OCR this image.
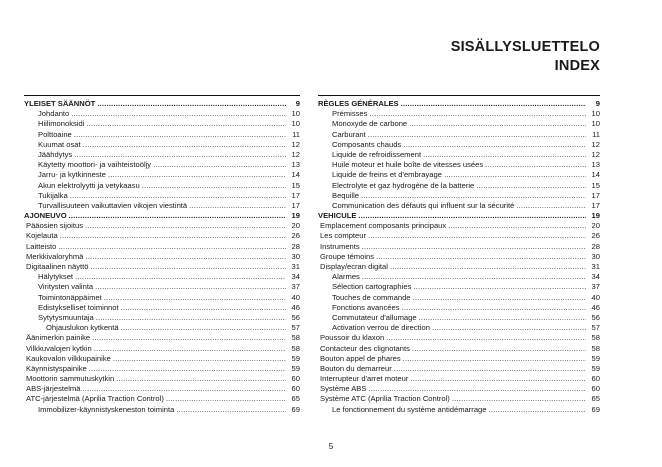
SISÄLLYSLUETTELO
INDEX
YLEISET SÄÄNNÖT .....	9
Johdanto .....	10
Hiilimonoksidi .....	10
Polttoaine .....	11
Kuumat osat .....	12
Jäähdytys .....	12
Käytetty moottori- ja vaihteistoöljy .....	13
Jarru- ja kytkinneste .....	14
Akun elektrolyytti ja vetykaasu .....	15
Tukijalka .....	17
Turvallisuuteen vaikuttavien vikojen viestintä .....	17
AJONEUVO .....	19
Pääosien sijoitus .....	20
Kojelauta .....	26
Laitteisto .....	28
Merkkivaloryhmä .....	30
Digitaalinen näyttö .....	31
Hälytykset .....	34
Viritysten valinta .....	37
Toimintonäppäimet .....	40
Edistykselliset toiminnot .....	46
Sytytysmuuntaja .....	56
Ohjauslukon kytkentä .....	57
Äänimerkin painike .....	58
Vilkkuvalojen kytkin .....	58
Kaukovalon vilkkupainike .....	59
Käynnistyspainike .....	59
Moottorin sammutuskytkin .....	60
ABS-järjestelmä .....	60
ATC-järjestelmä (Aprilia Traction Control) .....	65
Immobilizer-käynnistyskeneston toiminta .....	69
RÈGLES GÉNÉRALES .....	9
Prémisses .....	10
Monoxyde de carbone .....	10
Carburant .....	11
Composants chauds .....	12
Liquide de refroidissement .....	12
Huile moteur et huile boîte de vitesses usées .....	13
Liquide de freins et d'embrayage .....	14
Electrolyte et gaz hydrogène de la batterie .....	15
Bequille .....	17
Communication des défauts qui influent sur la sécurité .....	17
VEHICULE .....	19
Emplacement composants principaux .....	20
Les compteur .....	26
Instruments .....	28
Groupe témoins .....	30
Display/ecran digital .....	31
Alarmes .....	34
Sélection cartographies .....	37
Touches de commande .....	40
Fonctions avancées .....	46
Commutateur d'allumage .....	56
Activation verrou de direction .....	57
Poussoir du klaxon .....	58
Contacteur des clignotants .....	58
Bouton appel de phares .....	59
Bouton du demarreur .....	59
Interrupteur d'arret moteur .....	60
Système ABS .....	60
Système ATC (Aprilia Traction Control) .....	65
Le fonctionnement du système antidémarrage .....	69
5
